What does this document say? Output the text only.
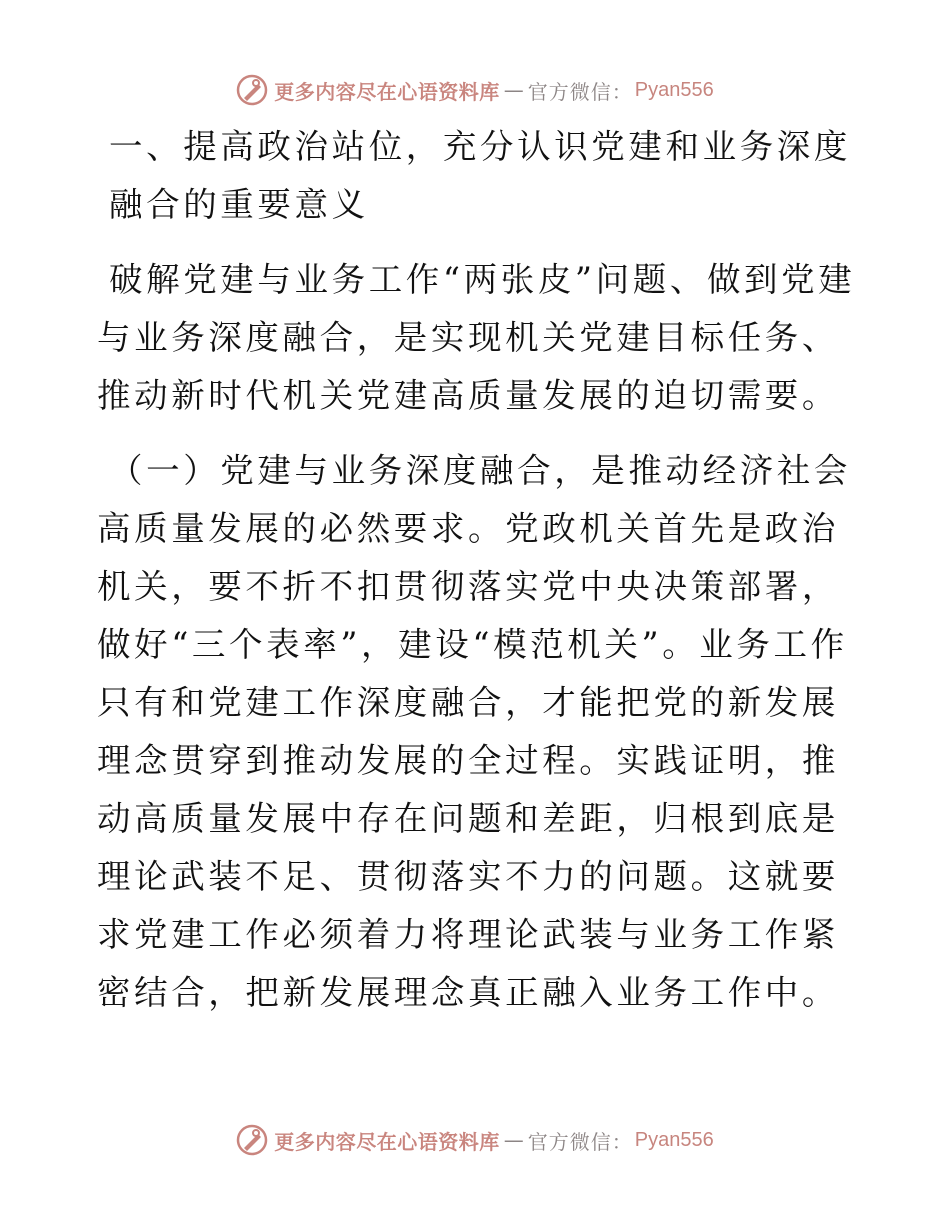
更多内容尽在心语资料库 — 官方微信： Pyan556

一、提高政治站位，充分认识党建和业务深度融合的重要意义

破解党建与业务工作“两张皮”问题、做到党建与业务深度融合，是实现机关党建目标任务、推动新时代机关党建高质量发展的迫切需要。

（一）党建与业务深度融合，是推动经济社会高质量发展的必然要求。党政机关首先是政治机关，要不折不扣贯彻落实党中央决策部署，做好“三个表率”，建设“模范机关”。业务工作只有和党建工作深度融合，才能把党的新发展理念贯穿到推动发展的全过程。实践证明，推动高质量发展中存在问题和差距，归根到底是理论武装不足、贯彻落实不力的问题。这就要求党建工作必须着力将理论武装与业务工作紧密结合，把新发展理念真正融入业务工作中。

更多内容尽在心语资料库 — 官方微信： Pyan556
